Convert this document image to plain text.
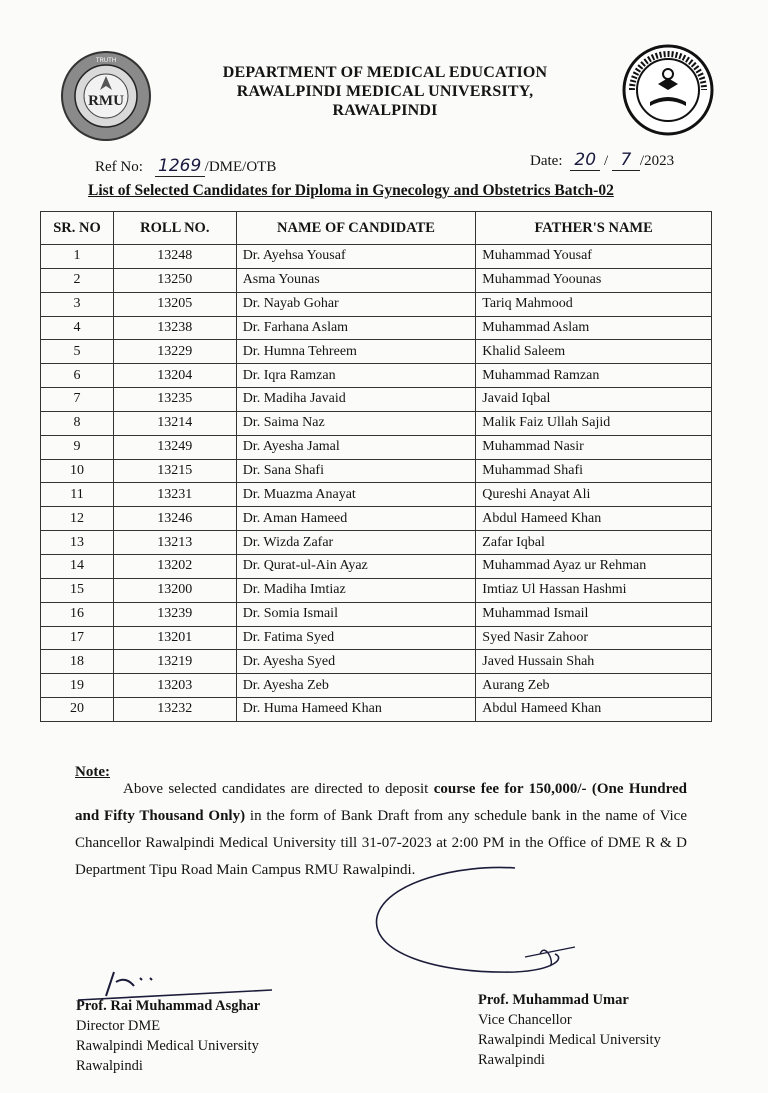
RMU
TRUTH
DEPARTMENT OF MEDICAL EDUCATION
RAWALPINDI MEDICAL UNIVERSITY,
RAWALPINDI
Ref No: 1269 /DME/OTB	Date: 20 / 7 /2023
List of Selected Candidates for Diploma in Gynecology and Obstetrics Batch-02
SR. NO	ROLL NO.	NAME OF CANDIDATE	FATHER'S NAME
1	13248	Dr. Ayehsa Yousaf	Muhammad Yousaf
2	13250	Asma Younas	Muhammad Yoounas
3	13205	Dr. Nayab Gohar	Tariq Mahmood
4	13238	Dr. Farhana Aslam	Muhammad Aslam
5	13229	Dr. Humna Tehreem	Khalid Saleem
6	13204	Dr. Iqra Ramzan	Muhammad Ramzan
7	13235	Dr. Madiha Javaid	Javaid Iqbal
8	13214	Dr. Saima Naz	Malik Faiz Ullah Sajid
9	13249	Dr. Ayesha Jamal	Muhammad Nasir
10	13215	Dr. Sana Shafi	Muhammad Shafi
11	13231	Dr. Muazma Anayat	Qureshi Anayat Ali
12	13246	Dr. Aman Hameed	Abdul Hameed Khan
13	13213	Dr. Wizda Zafar	Zafar Iqbal
14	13202	Dr. Qurat-ul-Ain Ayaz	Muhammad Ayaz ur Rehman
15	13200	Dr. Madiha Imtiaz	Imtiaz Ul Hassan Hashmi
16	13239	Dr. Somia Ismail	Muhammad Ismail
17	13201	Dr. Fatima Syed	Syed Nasir Zahoor
18	13219	Dr. Ayesha Syed	Javed Hussain Shah
19	13203	Dr. Ayesha Zeb	Aurang Zeb
20	13232	Dr. Huma Hameed Khan	Abdul Hameed Khan
Note:

Above selected candidates are directed to deposit course fee for 150,000/- (One Hundred and Fifty Thousand Only) in the form of Bank Draft from any schedule bank in the name of Vice Chancellor Rawalpindi Medical University till 31-07-2023 at 2:00 PM in the Office of DME R & D Department Tipu Road Main Campus RMU Rawalpindi.

Prof. Rai Muhammad Asghar
Director DME
Rawalpindi Medical University
Rawalpindi
Prof. Muhammad Umar
Vice Chancellor
Rawalpindi Medical University
Rawalpindi
